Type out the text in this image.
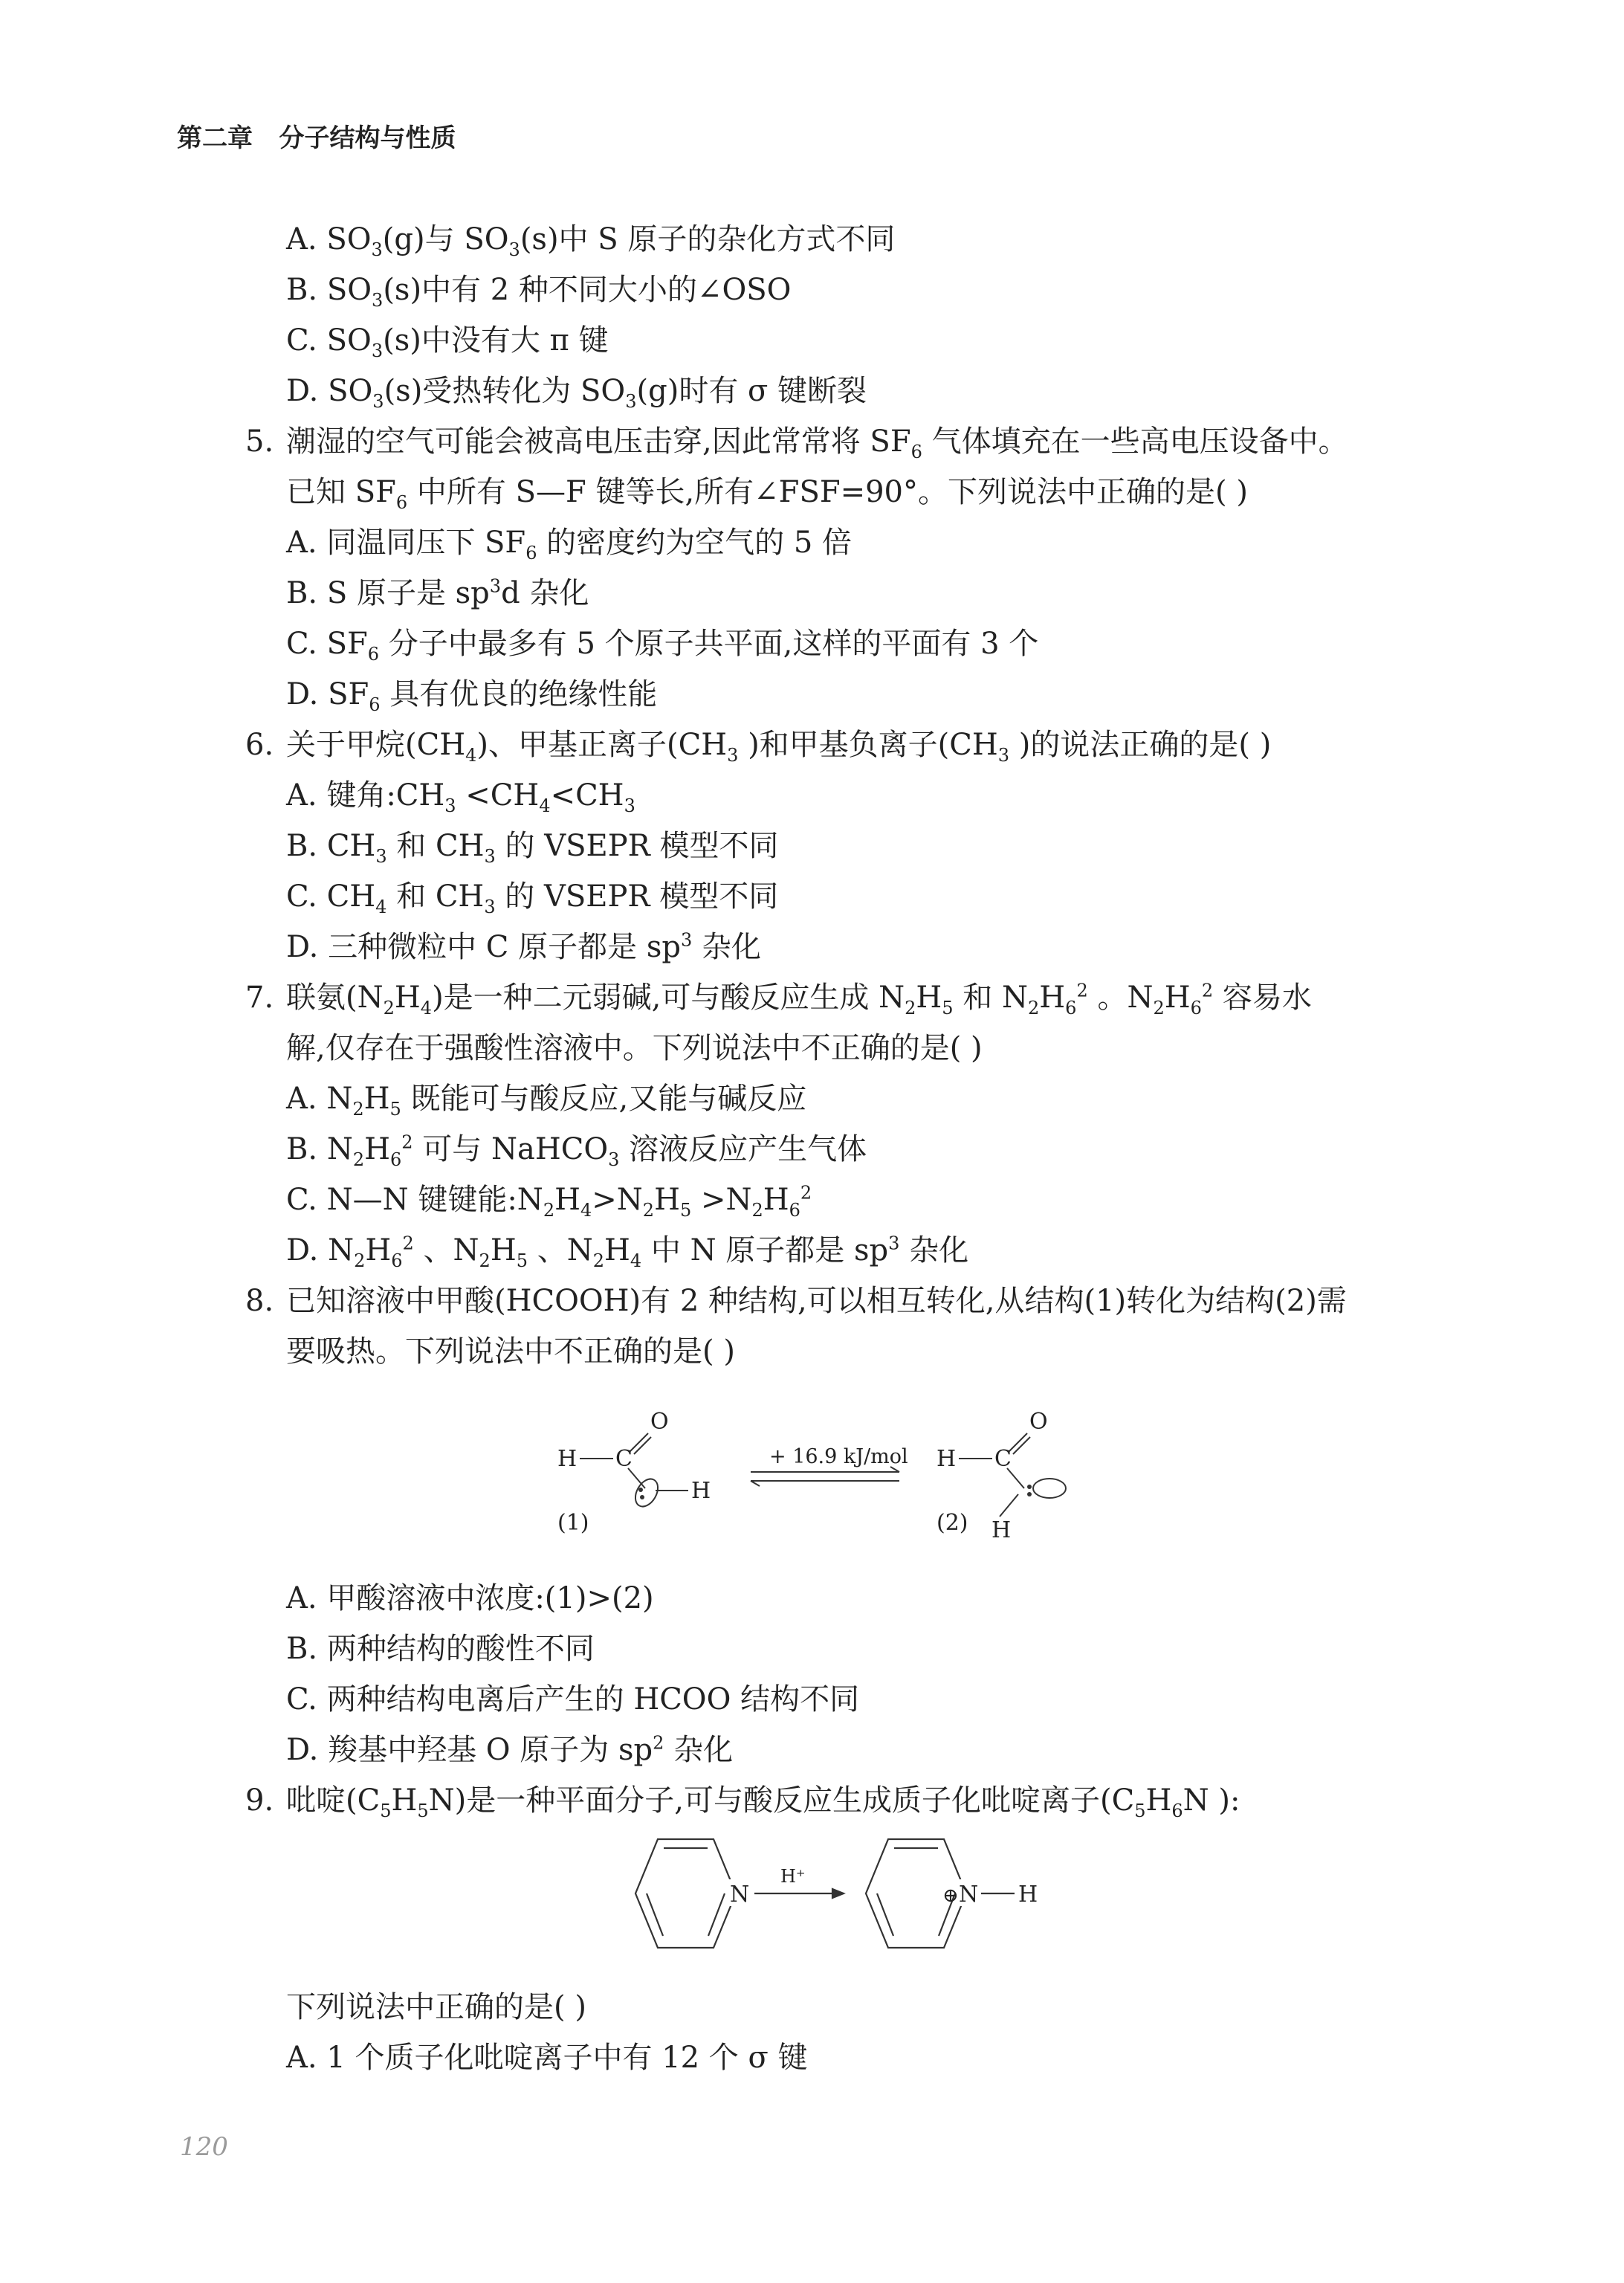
第二章 分子结构与性质
A. $SO_3(g)$与 $SO_3(s)$中 S 原子的杂化方式不同
B. $SO_3(s)$中有 2 种不同大小的∠OSO
C. $SO_3(s)$中没有大 π 键
D. $SO_3(s)$受热转化为 $SO_3(g)$时有 σ 键断裂
5. 潮湿的空气可能会被高电压击穿,因此常常将 $SF_6$ 气体填充在一些高电压设备中。
已知 $SF_6$ 中所有 S—F 键等长,所有∠FSF=90°。下列说法中正确的是( )
A. 同温同压下 $SF_6$ 的密度约为空气的 5 倍
B. S 原子是 $sp^3d$ 杂化
C. $SF_6$ 分子中最多有 5 个原子共平面,这样的平面有 3 个
D. $SF_6$ 具有优良的绝缘性能
6. 关于甲烷$(CH_4)$、甲基正离子($CH_3$ )和甲基负离子($CH_3$ )的说法正确的是( )
A. 键角$:CH_3 <CH_4<CH_3$
B. $CH_3$ 和 $CH_3$ 的 VSEPR 模型不同
C. $CH_4$ 和 $CH_3$ 的 VSEPR 模型不同
D. 三种微粒中 C 原子都是 $sp^3$ 杂化
7. 联氨$(N_2H_4)$是一种二元弱碱,可与酸反应生成 $N_2H_5$ 和 $N_2H_6^2$ 。$N_2H_6^2$ 容易水
解,仅存在于强酸性溶液中。下列说法中不正确的是( )
A. $N_2H_5$ 既能可与酸反应,又能与碱反应
B. $N_2H_6^2$ 可与 NaHCO$_3$ 溶液反应产生气体
C. N—N 键键能$:N_2H_4>N_2H_5 >N_2H_6^2$
D. $N_2H_6^2$ 、$N_2H_5$ 、$N_2H_4$ 中 N 原子都是 $sp^3$ 杂化
8. 已知溶液中甲酸(HCOOH)有 2 种结构,可以相互转化,从结构(1)转化为结构(2)需
要吸热。下列说法中不正确的是( )
H C
O
H
(1)
+ 16.9 kJ/mol H C
O
(2) H
A. 甲酸溶液中浓度:(1)>(2)
B. 两种结构的酸性不同
C. 两种结构电离后产生的 HCOO 结构不同
D. 羧基中羟基 O 原子为 $sp^2$ 杂化
9. 吡啶$(C_5H_5N)$是一种平面分子,可与酸反应生成质子化吡啶离子($C_5H_6N$ ):
N
H⁺
⊕ N H
下列说法中正确的是( )
A. 1 个质子化吡啶离子中有 12 个 σ 键
120
